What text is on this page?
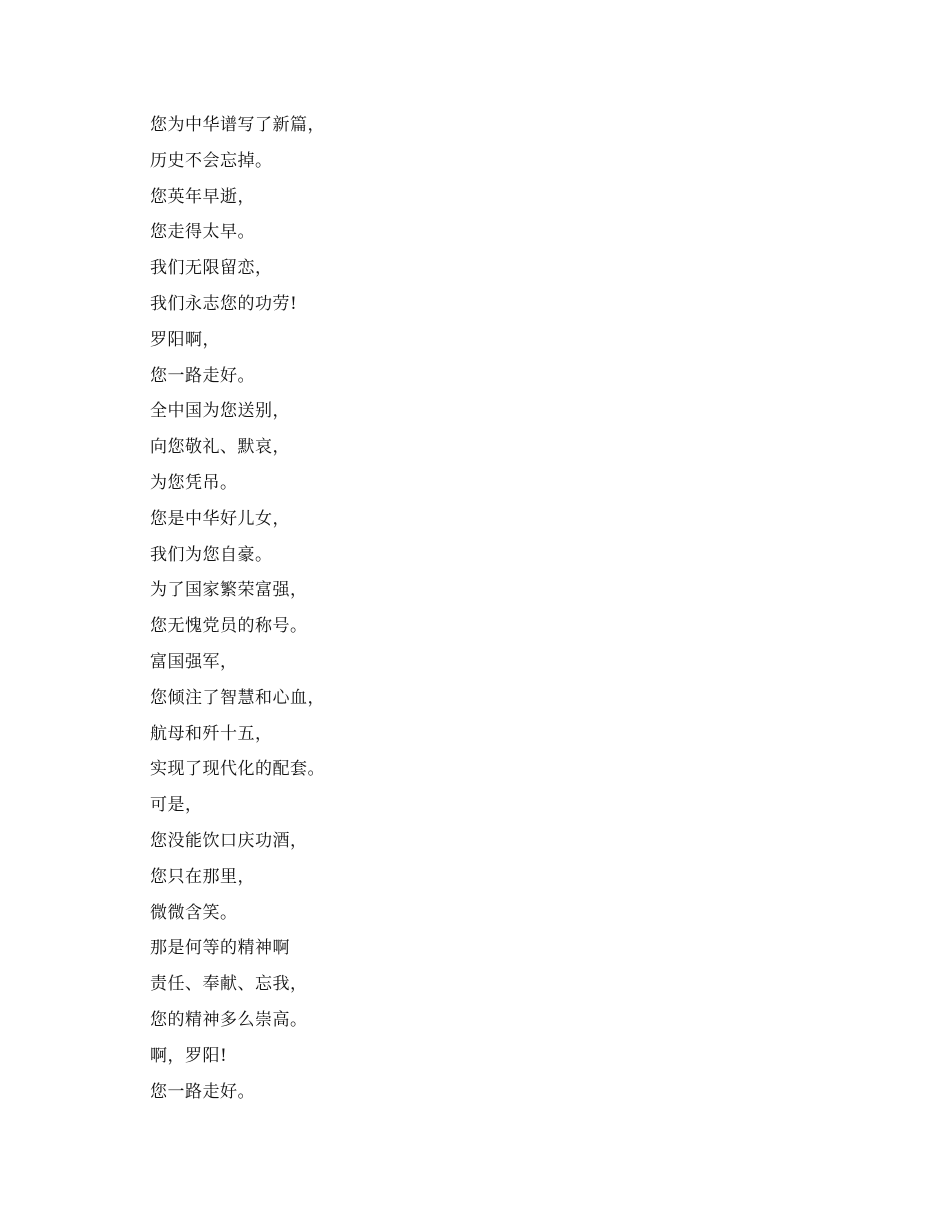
您为中华谱写了新篇，
历史不会忘掉。
您英年早逝，
您走得太早。
我们无限留恋，
我们永志您的功劳!
罗阳啊，
您一路走好。
全中国为您送别，
向您敬礼、默哀，
为您凭吊。
您是中华好儿女，
我们为您自豪。
为了国家繁荣富强，
您无愧党员的称号。
富国强军，
您倾注了智慧和心血，
航母和歼十五，
实现了现代化的配套。
可是，
您没能饮口庆功酒，
您只在那里，
微微含笑。
那是何等的精神啊
责任、奉献、忘我，
您的精神多么崇高。
啊，罗阳!
您一路走好。
